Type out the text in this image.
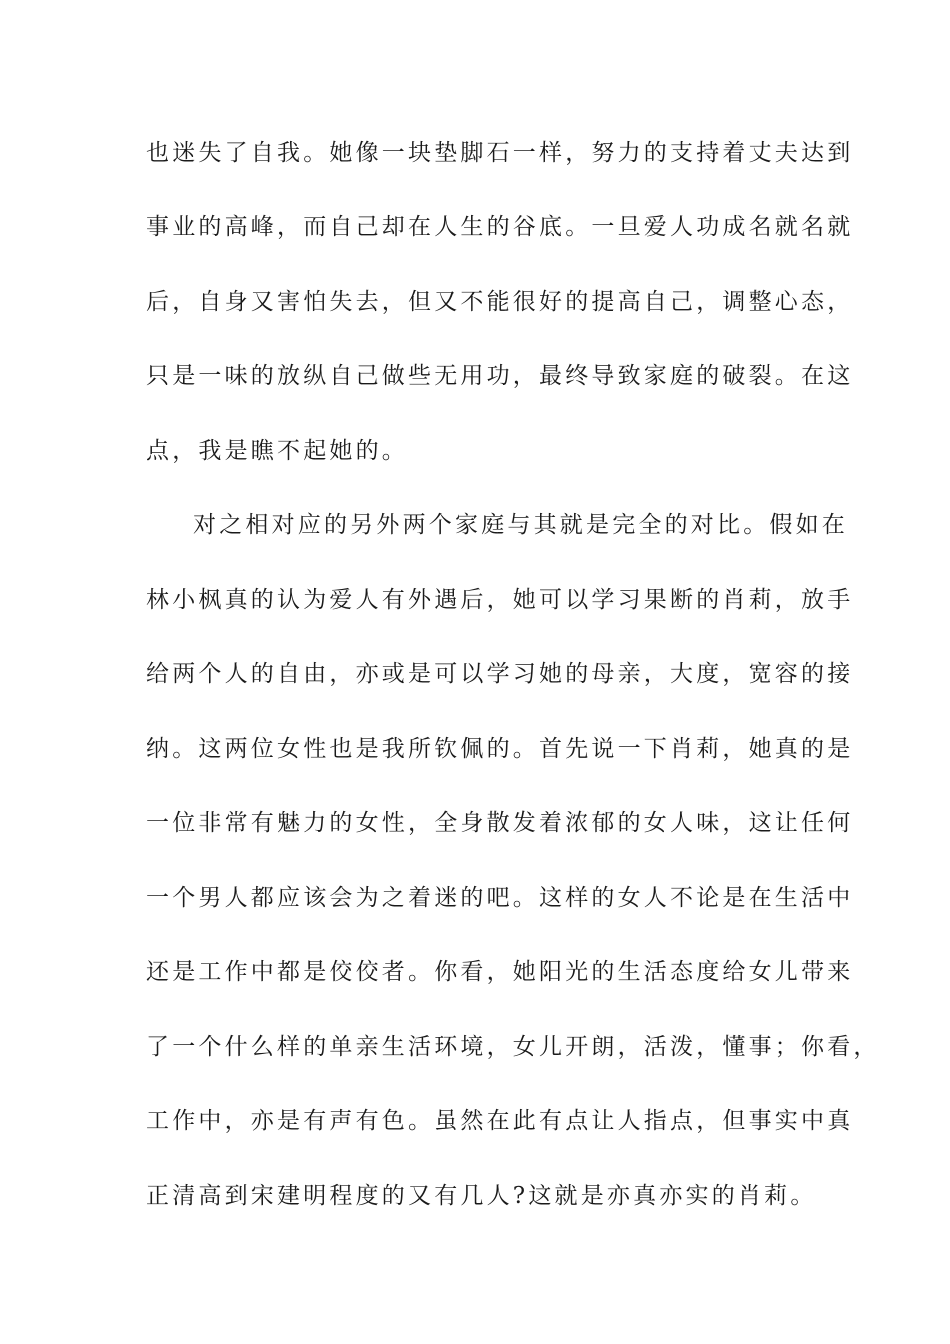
也迷失了自我。她像一块垫脚石一样，努力的支持着丈夫达到
事业的高峰，而自己却在人生的谷底。一旦爱人功成名就名就
后，自身又害怕失去，但又不能很好的提高自己，调整心态，
只是一味的放纵自己做些无用功，最终导致家庭的破裂。在这
点，我是瞧不起她的。
对之相对应的另外两个家庭与其就是完全的对比。假如在
林小枫真的认为爱人有外遇后，她可以学习果断的肖莉，放手
给两个人的自由，亦或是可以学习她的母亲，大度，宽容的接
纳。这两位女性也是我所钦佩的。首先说一下肖莉，她真的是
一位非常有魅力的女性，全身散发着浓郁的女人味，这让任何
一个男人都应该会为之着迷的吧。这样的女人不论是在生活中
还是工作中都是佼佼者。你看，她阳光的生活态度给女儿带来
了一个什么样的单亲生活环境，女儿开朗，活泼，懂事；你看，
工作中，亦是有声有色。虽然在此有点让人指点，但事实中真
正清高到宋建明程度的又有几人?这就是亦真亦实的肖莉。
